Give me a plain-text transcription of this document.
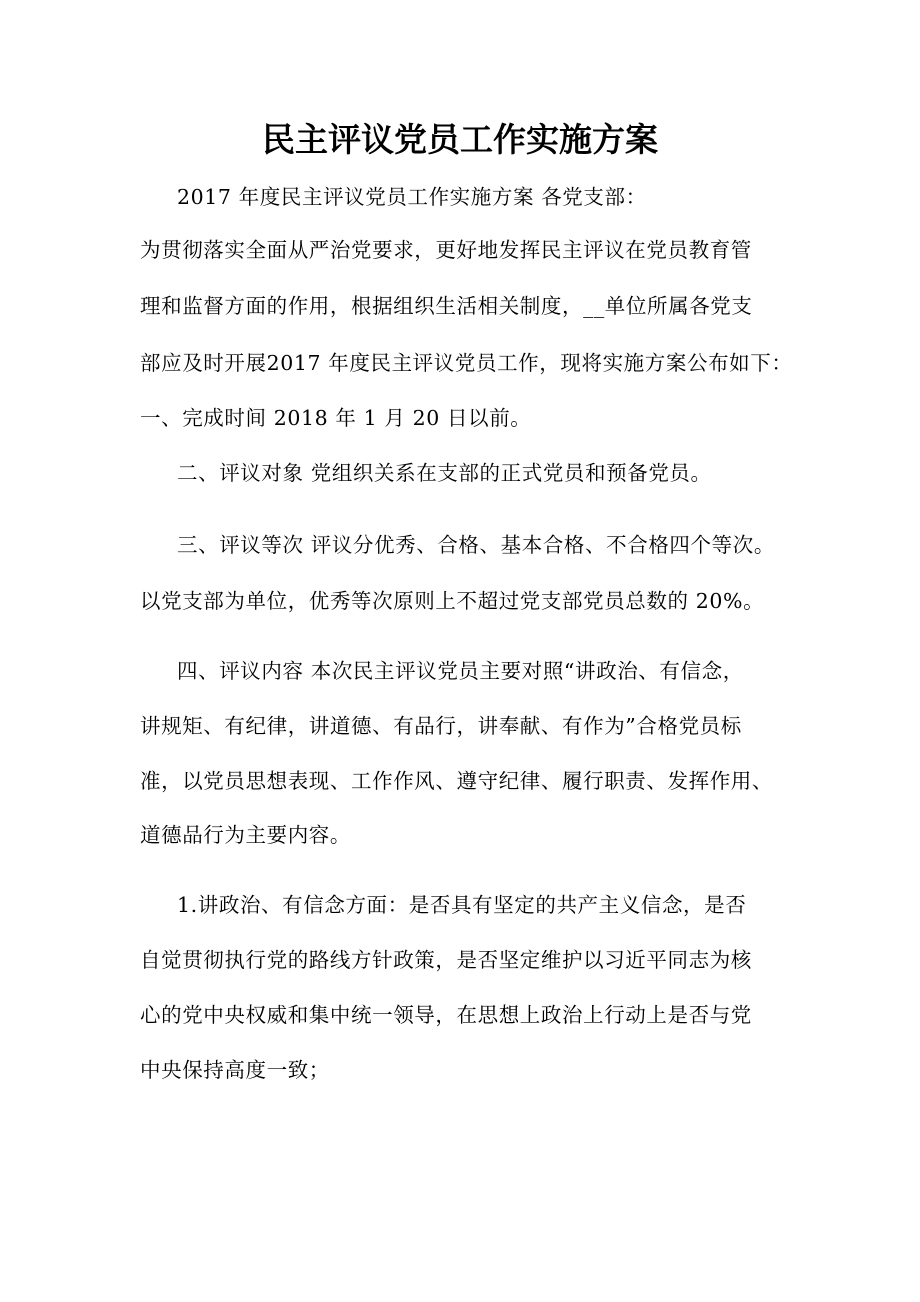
民主评议党员工作实施方案
2017 年度民主评议党员工作实施方案 各党支部：
为贯彻落实全面从严治党要求，更好地发挥民主评议在党员教育管
理和监督方面的作用，根据组织生活相关制度，__单位所属各党支
部应及时开展2017 年度民主评议党员工作，现将实施方案公布如下：
一、完成时间 2018 年 1 月 20 日以前。
二、评议对象 党组织关系在支部的正式党员和预备党员。
三、评议等次 评议分优秀、合格、基本合格、不合格四个等次。
以党支部为单位，优秀等次原则上不超过党支部党员总数的 20%。
四、评议内容 本次民主评议党员主要对照“讲政治、有信念，
讲规矩、有纪律，讲道德、有品行，讲奉献、有作为”合格党员标
准，以党员思想表现、工作作风、遵守纪律、履行职责、发挥作用、
道德品行为主要内容。
1.讲政治、有信念方面：是否具有坚定的共产主义信念，是否
自觉贯彻执行党的路线方针政策，是否坚定维护以习近平同志为核
心的党中央权威和集中统一领导，在思想上政治上行动上是否与党
中央保持高度一致；
